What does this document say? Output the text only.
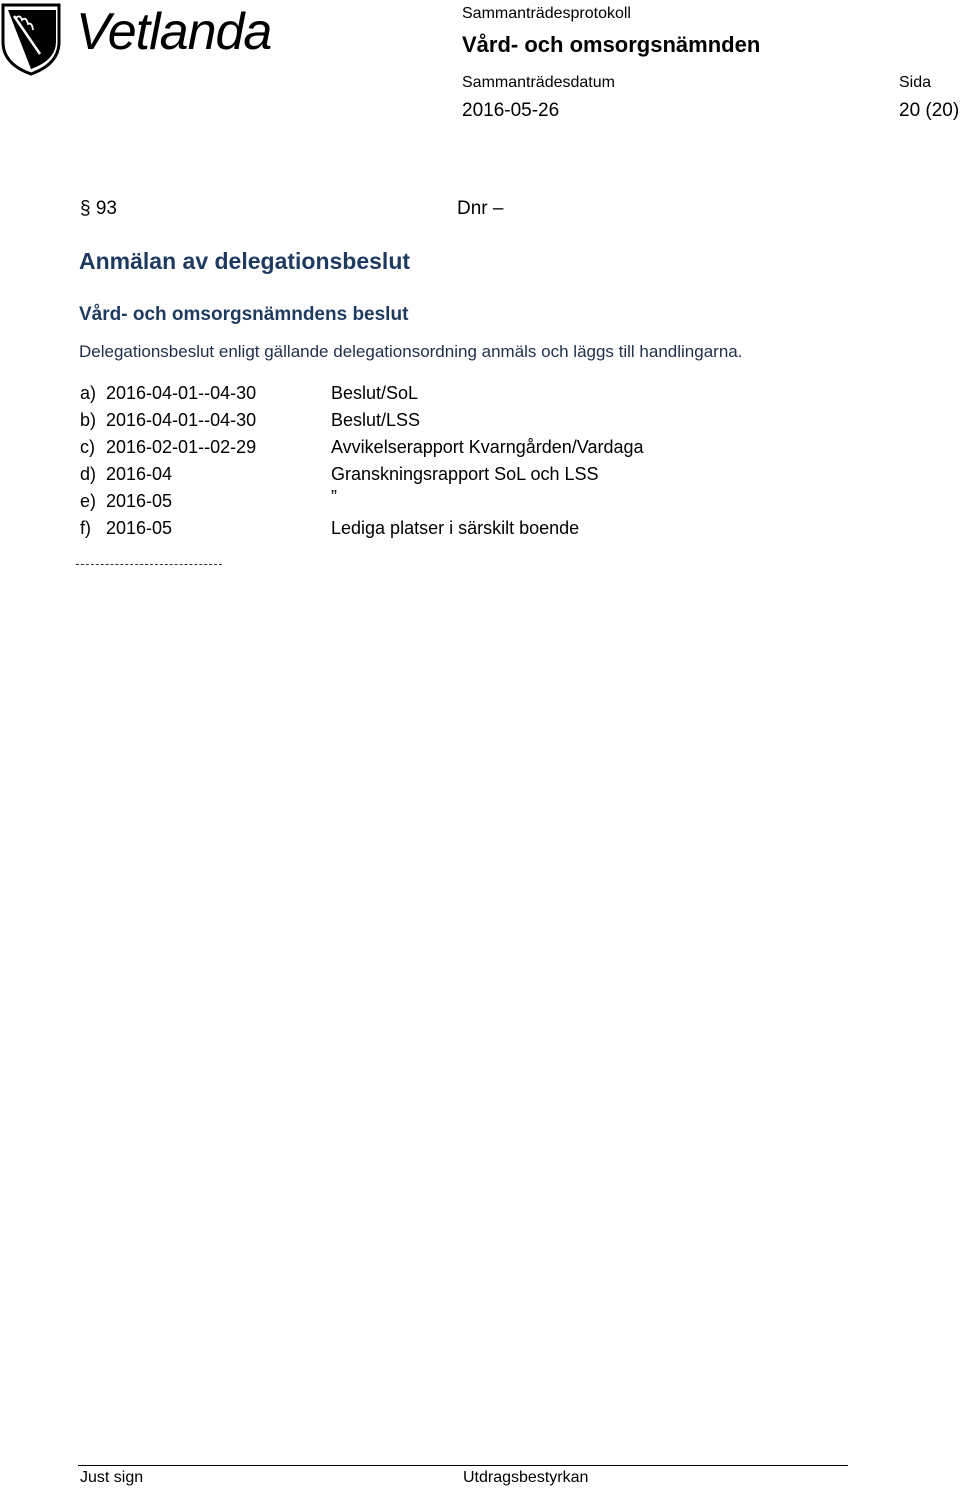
Vetlanda	Sammanträdesprotokoll
Vård- och omsorgsnämnden
Sammanträdesdatum	Sida
2016-05-26	20 (20)
§ 93	Dnr –
Anmälan av delegationsbeslut
Vård- och omsorgsnämndens beslut
Delegationsbeslut enligt gällande delegationsordning anmäls och läggs till handlingarna.
a) 2016-04-01--04-30	Beslut/SoL
b) 2016-04-01--04-30	Beslut/LSS
c) 2016-02-01--02-29	Avvikelserapport Kvarngården/Vardaga
d) 2016-04	Granskningsrapport SoL och LSS
e) 2016-05	”
f) 2016-05	Lediga platser i särskilt boende
Just sign	Utdragsbestyrkan
